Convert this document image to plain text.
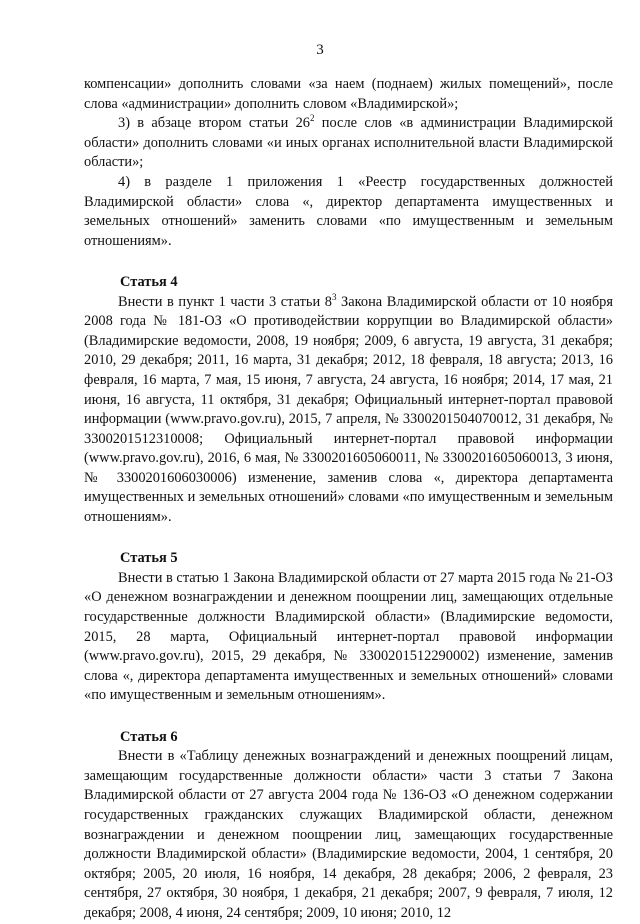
3

компенсации» дополнить словами «за наем (поднаем) жилых помещений», после слова «администрации» дополнить словом «Владимирской»;

3) в абзаце втором статьи $26^2$ после слов «в администрации Владимирской области» дополнить словами «и иных органах исполнительной власти Владимирской области»;

4) в разделе 1 приложения 1 «Реестр государственных должностей Владимирской области» слова «, директор департамента имущественных и земельных отношений» заменить словами «по имущественным и земельным отношениям».

Статья 4

Внести в пункт 1 части 3 статьи $8^3$ Закона Владимирской области от 10 ноября 2008 года № 181-ОЗ «О противодействии коррупции во Владимирской области» (Владимирские ведомости, 2008, 19 ноября; 2009, 6 августа, 19 августа, 31 декабря; 2010, 29 декабря; 2011, 16 марта, 31 декабря; 2012, 18 февраля, 18 августа; 2013, 16 февраля, 16 марта, 7 мая, 15 июня, 7 августа, 24 августа, 16 ноября; 2014, 17 мая, 21 июня, 16 августа, 11 октября, 31 декабря; Официальный интернет-портал правовой информации (www.pravo.gov.ru), 2015, 7 апреля, № 3300201504070012, 31 декабря, № 3300201512310008; Официальный интернет-портал правовой информации (www.pravo.gov.ru), 2016, 6 мая, № 3300201605060011, № 3300201605060013, 3 июня, № 3300201606030006) изменение, заменив слова «, директора департамента имущественных и земельных отношений» словами «по имущественным и земельным отношениям».

Статья 5

Внести в статью 1 Закона Владимирской области от 27 марта 2015 года № 21-ОЗ «О денежном вознаграждении и денежном поощрении лиц, замещающих отдельные государственные должности Владимирской области» (Владимирские ведомости, 2015, 28 марта, Официальный интернет-портал правовой информации (www.pravo.gov.ru), 2015, 29 декабря, № 3300201512290002) изменение, заменив слова «, директора департамента имущественных и земельных отношений» словами «по имущественным и земельным отношениям».

Статья 6

Внести в «Таблицу денежных вознаграждений и денежных поощрений лицам, замещающим государственные должности области» части 3 статьи 7 Закона Владимирской области от 27 августа 2004 года № 136-ОЗ «О денежном содержании государственных гражданских служащих Владимирской области, денежном вознаграждении и денежном поощрении лиц, замещающих государственные должности Владимирской области» (Владимирские ведомости, 2004, 1 сентября, 20 октября; 2005, 20 июля, 16 ноября, 14 декабря, 28 декабря; 2006, 2 февраля, 23 сентября, 27 октября, 30 ноября, 1 декабря, 21 декабря; 2007, 9 февраля, 7 июля, 12 декабря; 2008, 4 июня, 24 сентября; 2009, 10 июня; 2010, 12
